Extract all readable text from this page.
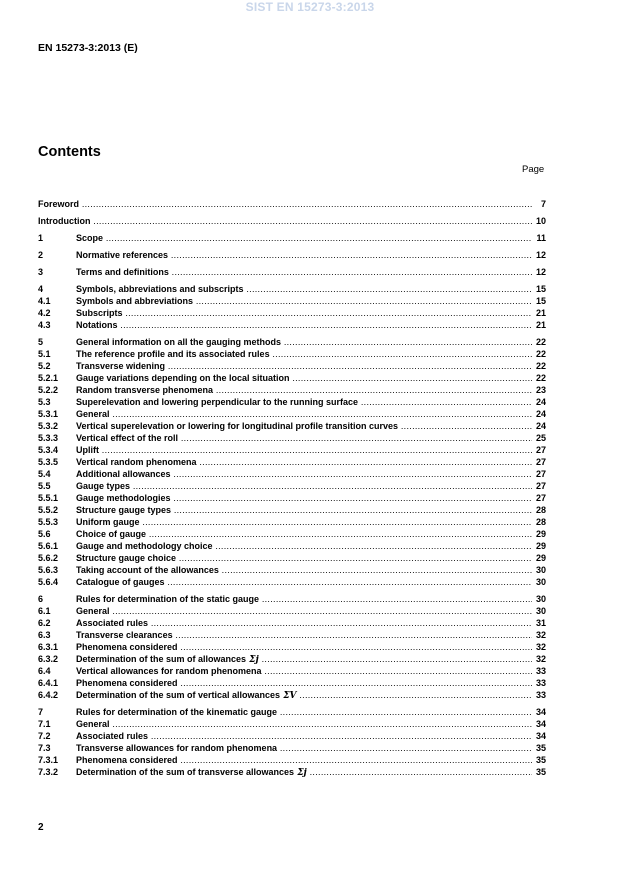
SIST EN 15273-3:2013
EN 15273-3:2013 (E)
Contents
Page
Foreword .....	7
Introduction .....	10
1	Scope .....	11
2	Normative references .....	12
3	Terms and definitions .....	12
4	Symbols, abbreviations and subscripts .....	15
4.1	Symbols and abbreviations .....	15
4.2	Subscripts .....	21
4.3	Notations .....	21
5	General information on all the gauging methods .....	22
5.1	The reference profile and its associated rules .....	22
5.2	Transverse widening .....	22
5.2.1 Gauge variations depending on the local situation .....	22
5.2.2 Random transverse phenomena .....	23
5.3	Superelevation and lowering perpendicular to the running surface .....	24
5.3.1 General .....	24
5.3.2 Vertical superelevation or lowering for longitudinal profile transition curves .....	24
5.3.3 Vertical effect of the roll .....	25
5.3.4 Uplift .....	27
5.3.5 Vertical random phenomena .....	27
5.4	Additional allowances .....	27
5.5	Gauge types .....	27
5.5.1 Gauge methodologies .....	27
5.5.2 Structure gauge types .....	28
5.5.3 Uniform gauge .....	28
5.6	Choice of gauge .....	29
5.6.1 Gauge and methodology choice .....	29
5.6.2 Structure gauge choice .....	29
5.6.3 Taking account of the allowances .....	30
5.6.4 Catalogue of gauges .....	30
6	Rules for determination of the static gauge .....	30
6.1	General .....	30
6.2	Associated rules .....	31
6.3	Transverse clearances .....	32
6.3.1 Phenomena considered .....	32
6.3.2 Determination of the sum of allowances Σj .....	32
6.4	Vertical allowances for random phenomena .....	33
6.4.1 Phenomena considered .....	33
6.4.2 Determination of the sum of vertical allowances ΣV .....	33
7	Rules for determination of the kinematic gauge .....	34
7.1	General .....	34
7.2	Associated rules .....	34
7.3	Transverse allowances for random phenomena .....	35
7.3.1 Phenomena considered .....	35
7.3.2 Determination of the sum of transverse allowances Σj .....	35
2
